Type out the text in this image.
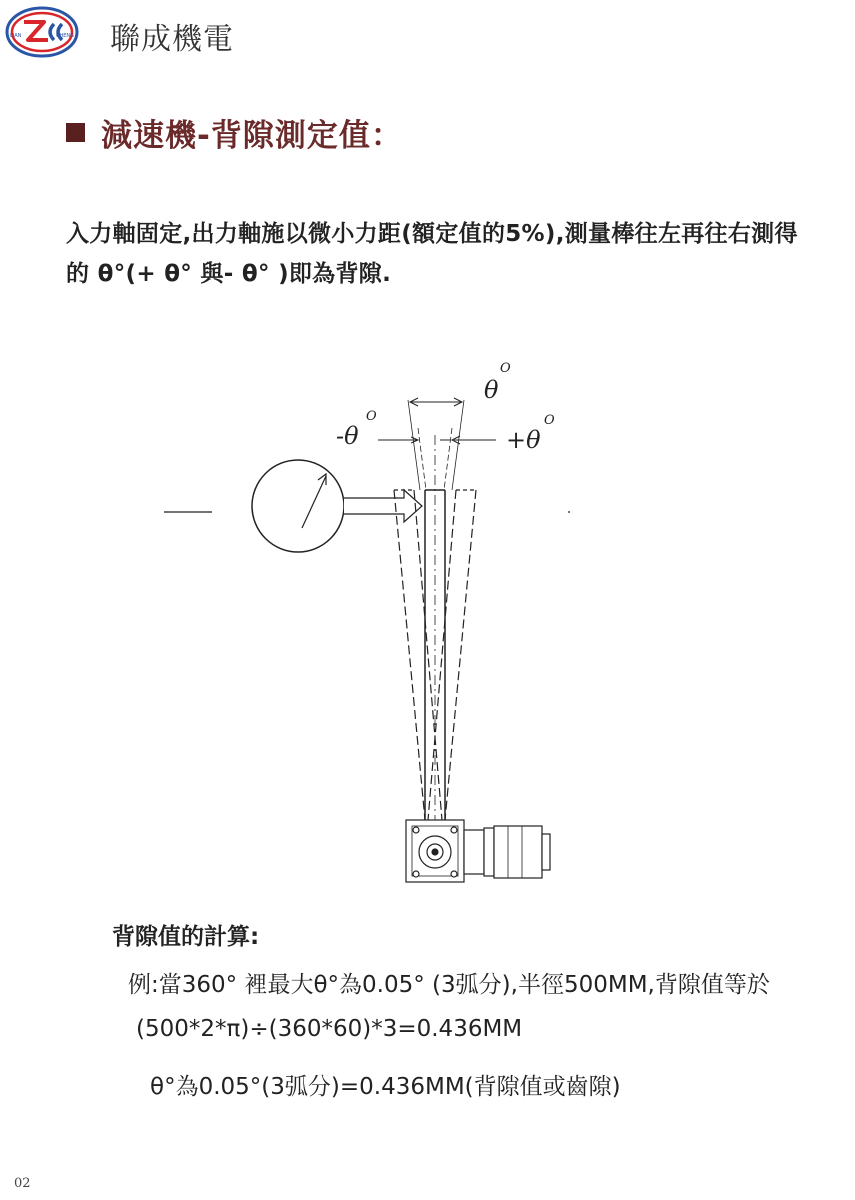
LIAN	CHENG 聯成機電
減速機-背隙測定值：

入力軸固定,出力軸施以微小力距(額定值的5%),測量棒往左再往右測得

的 θ°(+ θ° 與- θ° )即為背隙.

θ
O
-θ
O
+θ
O
背隙值的計算:
例:當360° 裡最大θ°為0.05° (3弧分),半徑500MM,背隙值等於
(500*2*π)÷(360*60)*3=0.436MM
θ°為0.05°(3弧分)=0.436MM(背隙值或齒隙)
02
